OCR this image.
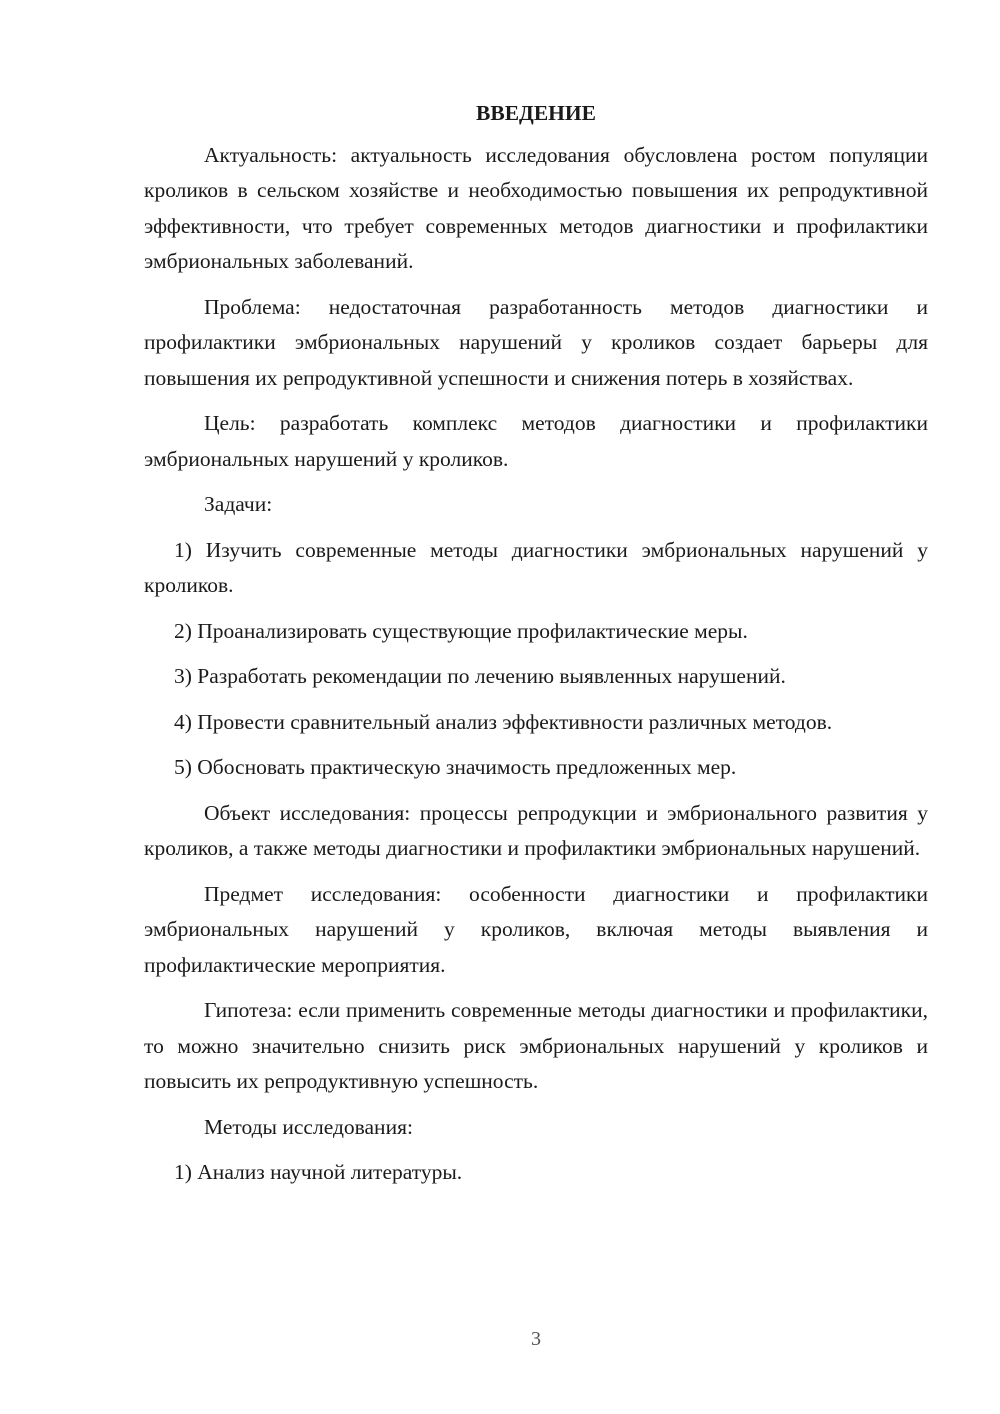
ВВЕДЕНИЕ

Актуальность: актуальность исследования обусловлена ростом популяции кроликов в сельском хозяйстве и необходимостью повышения их репродуктивной эффективности, что требует современных методов диагностики и профилактики эмбриональных заболеваний.

Проблема: недостаточная разработанность методов диагностики и профилактики эмбриональных нарушений у кроликов создает барьеры для повышения их репродуктивной успешности и снижения потерь в хозяйствах.

Цель: разработать комплекс методов диагностики и профилактики эмбриональных нарушений у кроликов.

Задачи:

1) Изучить современные методы диагностики эмбриональных нарушений у кроликов.

2) Проанализировать существующие профилактические меры.

3) Разработать рекомендации по лечению выявленных нарушений.

4) Провести сравнительный анализ эффективности различных методов.

5) Обосновать практическую значимость предложенных мер.

Объект исследования: процессы репродукции и эмбрионального развития у кроликов, а также методы диагностики и профилактики эмбриональных нарушений.

Предмет исследования: особенности диагностики и профилактики эмбриональных нарушений у кроликов, включая методы выявления и профилактические мероприятия.

Гипотеза: если применить современные методы диагностики и профилактики, то можно значительно снизить риск эмбриональных нарушений у кроликов и повысить их репродуктивную успешность.

Методы исследования:

1) Анализ научной литературы.

3
